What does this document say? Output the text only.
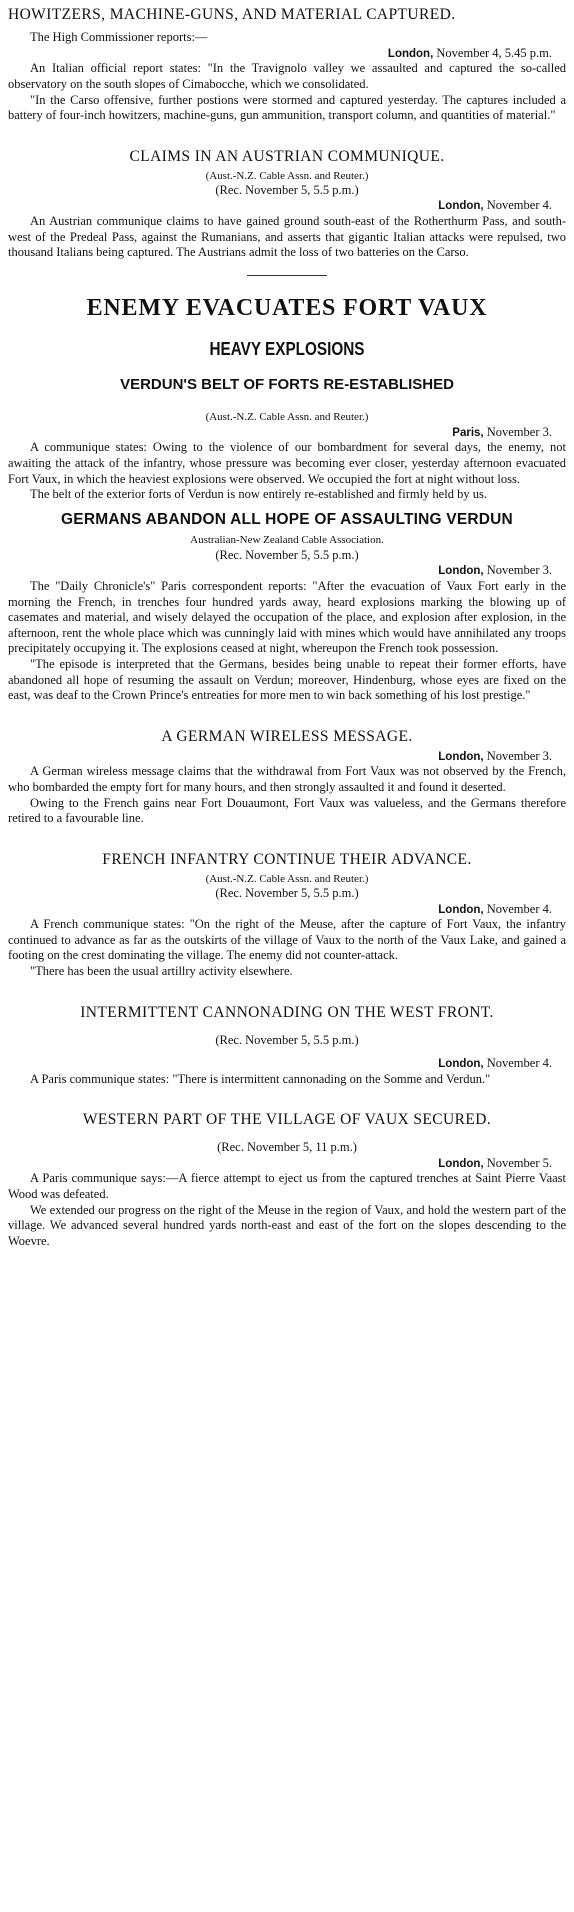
HOWITZERS, MACHINE-GUNS, AND MATERIAL CAPTURED.

The High Commissioner reports:—

London, November 4, 5.45 p.m.

An Italian official report states: "In the Travignolo valley we assaulted and captured the so-called observatory on the south slopes of Cimabocche, which we consolidated.

"In the Carso offensive, further postions were stormed and captured yesterday. The captures included a battery of four-inch howitzers, machine-guns, gun ammunition, transport column, and quantities of material."

CLAIMS IN AN AUSTRIAN COMMUNIQUE.
(Aust.-N.Z. Cable Assn. and Reuter.)
(Rec. November 5, 5.5 p.m.)
London, November 4.

An Austrian communique claims to have gained ground south-east of the Rotherthurm Pass, and south-west of the Predeal Pass, against the Rumanians, and asserts that gigantic Italian attacks were repulsed, two thousand Italians being captured. The Austrians admit the loss of two batteries on the Carso.

ENEMY EVACUATES FORT VAUX
HEAVY EXPLOSIONS
VERDUN'S BELT OF FORTS RE-ESTABLISHED
(Aust.-N.Z. Cable Assn. and Reuter.)
Paris, November 3.

A communique states: Owing to the violence of our bombardment for several days, the enemy, not awaiting the attack of the infantry, whose pressure was becoming ever closer, yesterday afternoon evacuated Fort Vaux, in which the heaviest explosions were observed. We occupied the fort at night without loss.

The belt of the exterior forts of Verdun is now entirely re-established and firmly held by us.

GERMANS ABANDON ALL HOPE OF ASSAULTING VERDUN
Australian-New Zealand Cable Association.
(Rec. November 5, 5.5 p.m.)
London, November 3.

The "Daily Chronicle's" Paris correspondent reports: "After the evacuation of Vaux Fort early in the morning the French, in trenches four hundred yards away, heard explosions marking the blowing up of casemates and material, and wisely delayed the occupation of the place, and explosion after explosion, in the afternoon, rent the whole place which was cunningly laid with mines which would have annihilated any troops precipitately occupying it. The explosions ceased at night, whereupon the French took possession.

"The episode is interpreted that the Germans, besides being unable to repeat their former efforts, have abandoned all hope of resuming the assault on Verdun; moreover, Hindenburg, whose eyes are fixed on the east, was deaf to the Crown Prince's entreaties for more men to win back something of his lost prestige."

A GERMAN WIRELESS MESSAGE.
London, November 3.

A German wireless message claims that the withdrawal from Fort Vaux was not observed by the French, who bombarded the empty fort for many hours, and then strongly assaulted it and found it deserted.

Owing to the French gains near Fort Douaumont, Fort Vaux was valueless, and the Germans therefore retired to a favourable line.

FRENCH INFANTRY CONTINUE THEIR ADVANCE.
(Aust.-N.Z. Cable Assn. and Reuter.)
(Rec. November 5, 5.5 p.m.)
London, November 4.

A French communique states: "On the right of the Meuse, after the capture of Fort Vaux, the infantry continued to advance as far as the outskirts of the village of Vaux to the north of the Vaux Lake, and gained a footing on the crest dominating the village. The enemy did not counter-attack.

"There has been the usual artillry activity elsewhere.

INTERMITTENT CANNONADING ON THE WEST FRONT.
(Rec. November 5, 5.5 p.m.)
London, November 4.

A Paris communique states: "There is intermittent cannonading on the Somme and Verdun."

WESTERN PART OF THE VILLAGE OF VAUX SECURED.
(Rec. November 5, 11 p.m.)
London, November 5.

A Paris communique says:—A fierce attempt to eject us from the captured trenches at Saint Pierre Vaast Wood was defeated.

We extended our progress on the right of the Meuse in the region of Vaux, and hold the western part of the village. We advanced several hundred yards north-east and east of the fort on the slopes descending to the Woevre.
